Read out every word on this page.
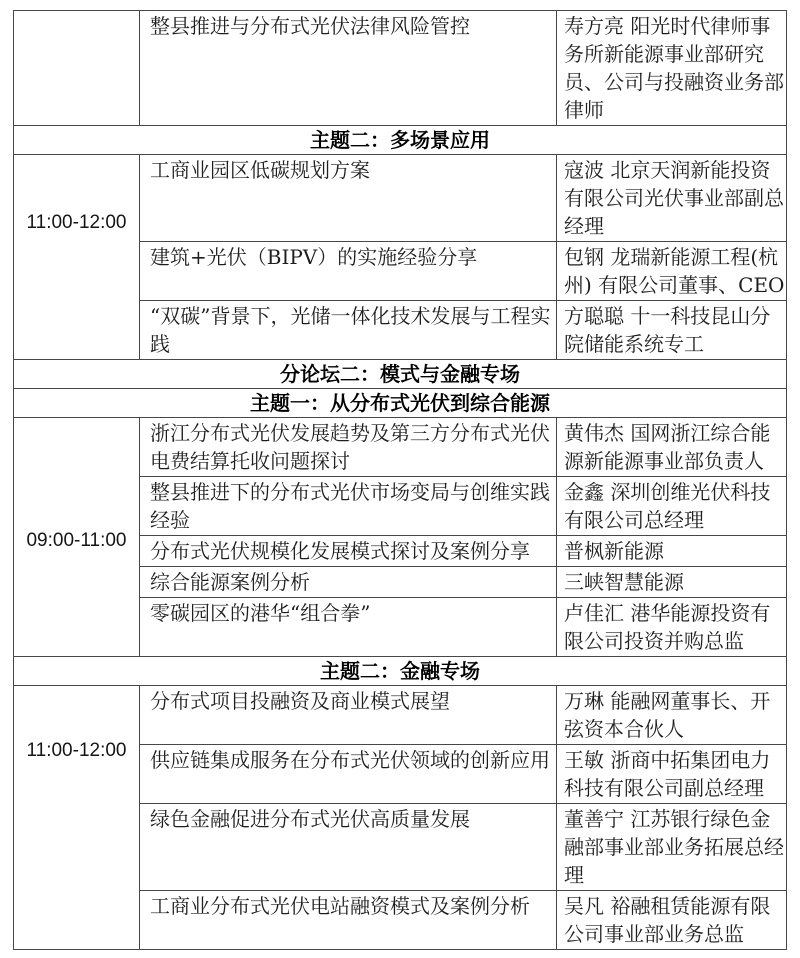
	整县推进与分布式光伏法律风险管控	寿方亮 阳光时代律师事务所新能源事业部研究员、公司与投融资业务部律师
主题二：多场景应用		
11:00-12:00	工商业园区低碳规划方案	寇波 北京天润新能投资有限公司光伏事业部副总经理
	建筑+光伏（BIPV）的实施经验分享	包钢 龙瑞新能源工程(杭州) 有限公司董事、CEO
	“双碳”背景下，光储一体化技术发展与工程实践	方聪聪 十一科技昆山分院储能系统专工
分论坛二：模式与金融专场		
主题一：从分布式光伏到综合能源		
09:00-11:00	浙江分布式光伏发展趋势及第三方分布式光伏电费结算托收问题探讨	黄伟杰 国网浙江综合能源新能源事业部负责人
	整县推进下的分布式光伏市场变局与创维实践经验	金鑫 深圳创维光伏科技有限公司总经理
	分布式光伏规模化发展模式探讨及案例分享	普枫新能源
	综合能源案例分析	三峡智慧能源
	零碳园区的港华“组合拳”	卢佳汇 港华能源投资有限公司投资并购总监
主题二：金融专场		
11:00-12:00	分布式项目投融资及商业模式展望	万琳 能融网董事长、开弦资本合伙人
	供应链集成服务在分布式光伏领域的创新应用	王敏 浙商中拓集团电力科技有限公司副总经理
	绿色金融促进分布式光伏高质量发展	董善宁 江苏银行绿色金融部事业部业务拓展总经理
	工商业分布式光伏电站融资模式及案例分析	吴凡 裕融租赁能源有限公司事业部业务总监
